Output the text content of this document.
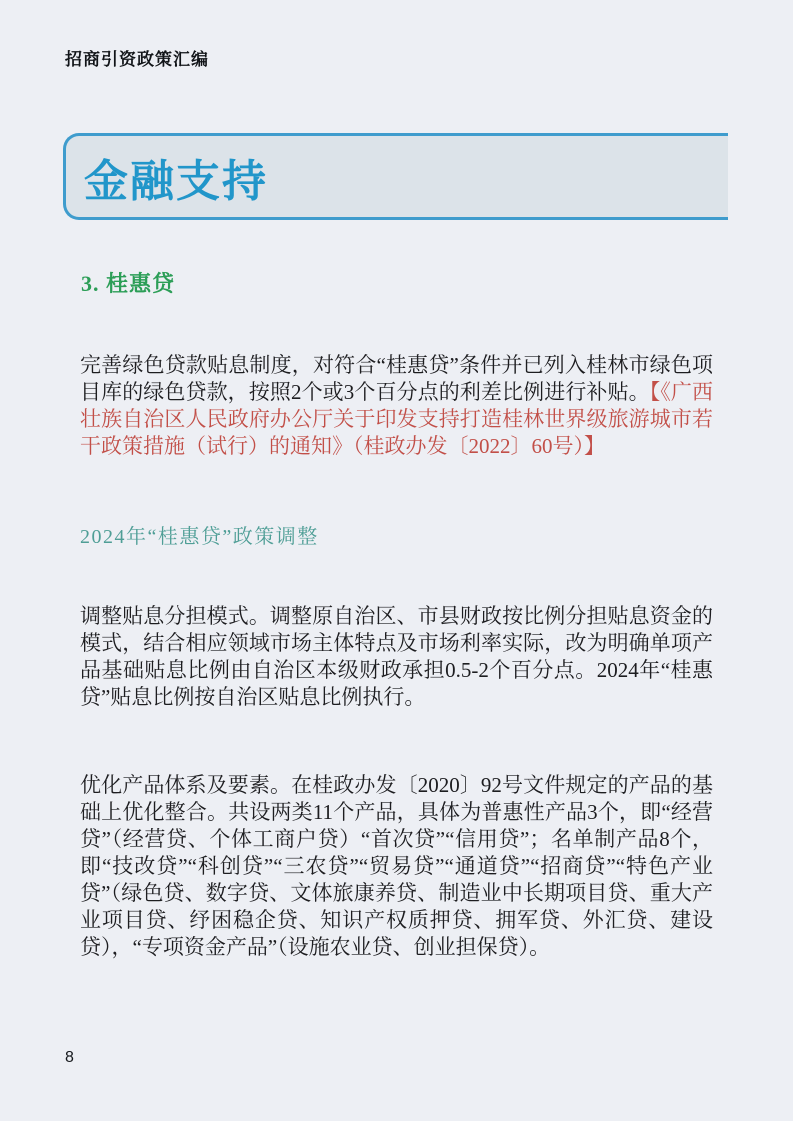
招商引资政策汇编
金融支持
3. 桂惠贷

完善绿色贷款贴息制度，对符合“桂惠贷”条件并已列入桂林市绿色项目库的绿色贷款，按照2个或3个百分点的利差比例进行补贴。【《广西壮族自治区人民政府办公厅关于印发支持打造桂林世界级旅游城市若干政策措施（试行）的通知》（桂政办发〔2022〕60号）】

2024年“桂惠贷”政策调整

调整贴息分担模式。调整原自治区、市县财政按比例分担贴息资金的模式，结合相应领域市场主体特点及市场利率实际，改为明确单项产品基础贴息比例由自治区本级财政承担0.5-2个百分点。2024年“桂惠贷”贴息比例按自治区贴息比例执行。

优化产品体系及要素。在桂政办发〔2020〕92号文件规定的产品的基础上优化整合。共设两类11个产品，具体为普惠性产品3个，即“经营贷”（经营贷、个体工商户贷）“首次贷”“信用贷”；名单制产品8个，即“技改贷”“科创贷”“三农贷”“贸易贷”“通道贷”“招商贷”“特色产业贷”（绿色贷、数字贷、文体旅康养贷、制造业中长期项目贷、重大产业项目贷、纾困稳企贷、知识产权质押贷、拥军贷、外汇贷、建设贷），“专项资金产品”（设施农业贷、创业担保贷）。

8
